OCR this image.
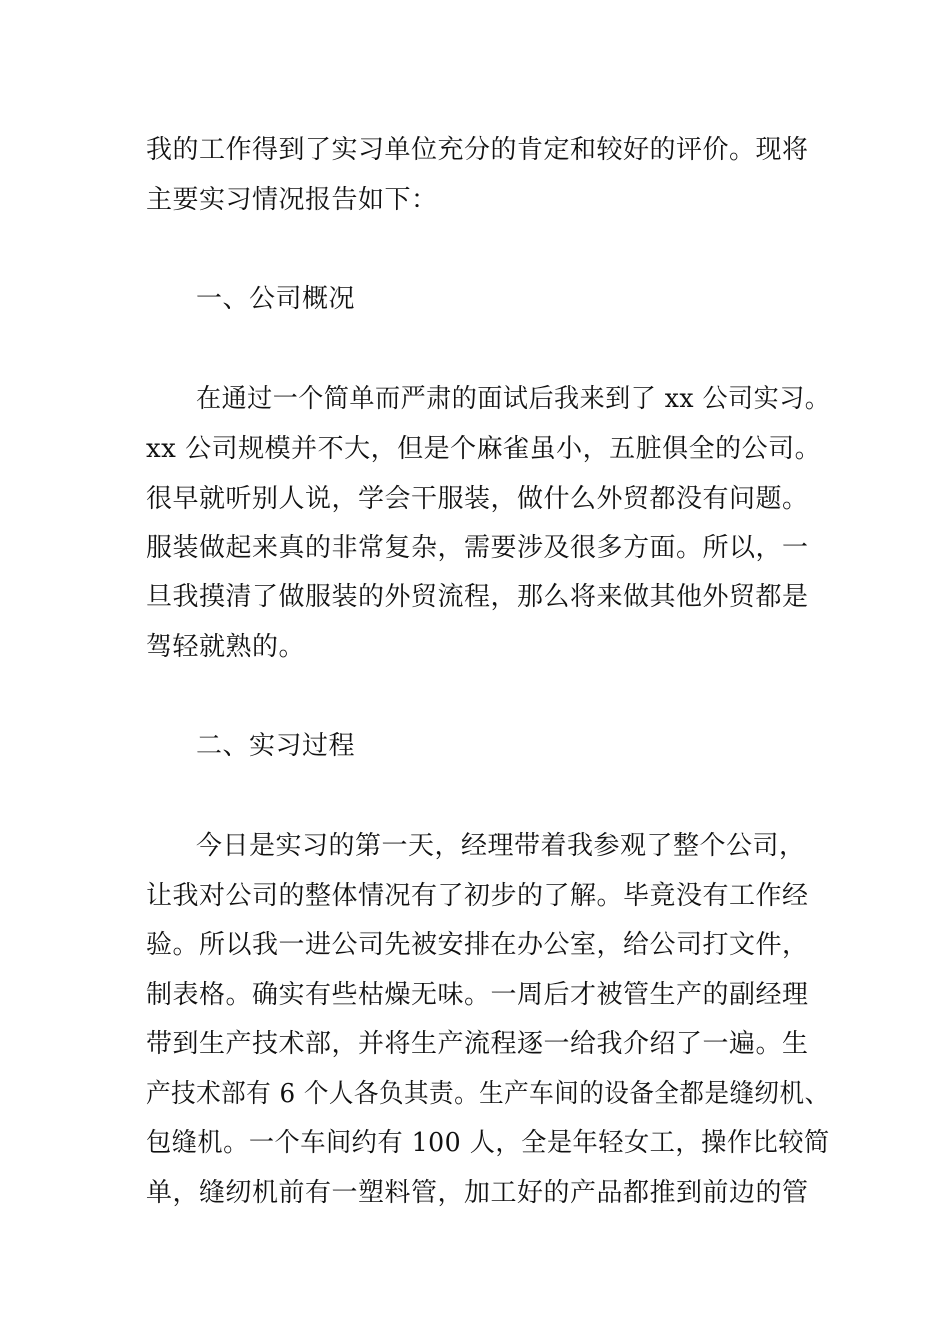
我的工作得到了实习单位充分的肯定和较好的评价。现将
主要实习情况报告如下：
一、公司概况
在通过一个简单而严肃的面试后我来到了 xx 公司实习。
xx 公司规模并不大，但是个麻雀虽小，五脏俱全的公司。
很早就听别人说，学会干服装，做什么外贸都没有问题。
服装做起来真的非常复杂，需要涉及很多方面。所以，一
旦我摸清了做服装的外贸流程，那么将来做其他外贸都是
驾轻就熟的。
二、实习过程
今日是实习的第一天，经理带着我参观了整个公司，
让我对公司的整体情况有了初步的了解。毕竟没有工作经
验。所以我一进公司先被安排在办公室，给公司打文件，
制表格。确实有些枯燥无味。一周后才被管生产的副经理
带到生产技术部，并将生产流程逐一给我介绍了一遍。生
产技术部有 6 个人各负其责。生产车间的设备全都是缝纫机、
包缝机。一个车间约有 100 人，全是年轻女工，操作比较简
单，缝纫机前有一塑料管，加工好的产品都推到前边的管
